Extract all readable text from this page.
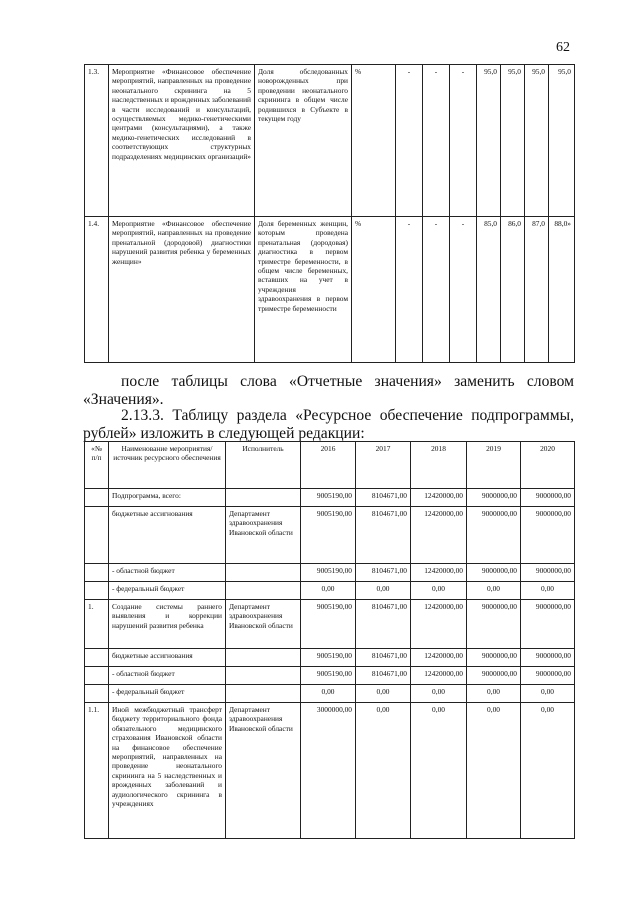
62
1.3.	Мероприятие «Финансовое обеспечение мероприятий, направленных на проведение неонатального скрининга на 5 наследственных и врожденных заболеваний в части исследований и консультаций, осуществляемых медико-генетическими центрами (консультациями), а также медико-генетических исследований в соответствующих структурных подразделениях медицинских организаций»	Доля обследованных новорожденных при проведении неонатального скрининга в общем числе родившихся в Субъекте в текущем году	%	-	-	-	95,0	95,0	95,0	95,0
1.4.	Мероприятие «Финансовое обеспечение мероприятий, направленных на проведение пренатальной (дородовой) диагностики нарушений развития ребенка у беременных женщин»	Доля беременных женщин, которым проведена пренатальная (дородовая) диагностика в первом триместре беременности, в общем числе беременных, вставших на учет в учреждения здравоохранения в первом триместре беременности	%	-	-	-	85,0	86,0	87,0	88,0»
после таблицы слова «Отчетные значения» заменить словом
«Значения».
2.13.3. Таблицу раздела «Ресурсное обеспечение подпрограммы,
рублей» изложить в следующей редакции:
«№ п/п	Наименование мероприятия/источник ресурсного обеспечения	Исполнитель	2016	2017	2018	2019	2020
	Подпрограмма, всего:		9005190,00	8104671,00	12420000,00	9000000,00	9000000,00
	бюджетные ассигнования	Департамент здравоохранения Ивановской области	9005190,00	8104671,00	12420000,00	9000000,00	9000000,00
	- областной бюджет		9005190,00	8104671,00	12420000,00	9000000,00	9000000,00
	- федеральный бюджет		0,00	0,00	0,00	0,00	0,00
1.	Создание системы раннего выявления и коррекции нарушений развития ребенка	Департамент здравоохранения Ивановской области	9005190,00	8104671,00	12420000,00	9000000,00	9000000,00
	бюджетные ассигнования		9005190,00	8104671,00	12420000,00	9000000,00	9000000,00
	- областной бюджет		9005190,00	8104671,00	12420000,00	9000000,00	9000000,00
	- федеральный бюджет		0,00	0,00	0,00	0,00	0,00
1.1.	Иной межбюджетный трансферт бюджету территориального фонда обязательного медицинского страхования Ивановской области на финансовое обеспечение мероприятий, направленных на проведение неонатального скрининга на 5 наследственных и врожденных заболеваний и аудиологического скрининга в учреждениях	Департамент здравоохранения Ивановской области	3000000,00	0,00	0,00	0,00	0,00
